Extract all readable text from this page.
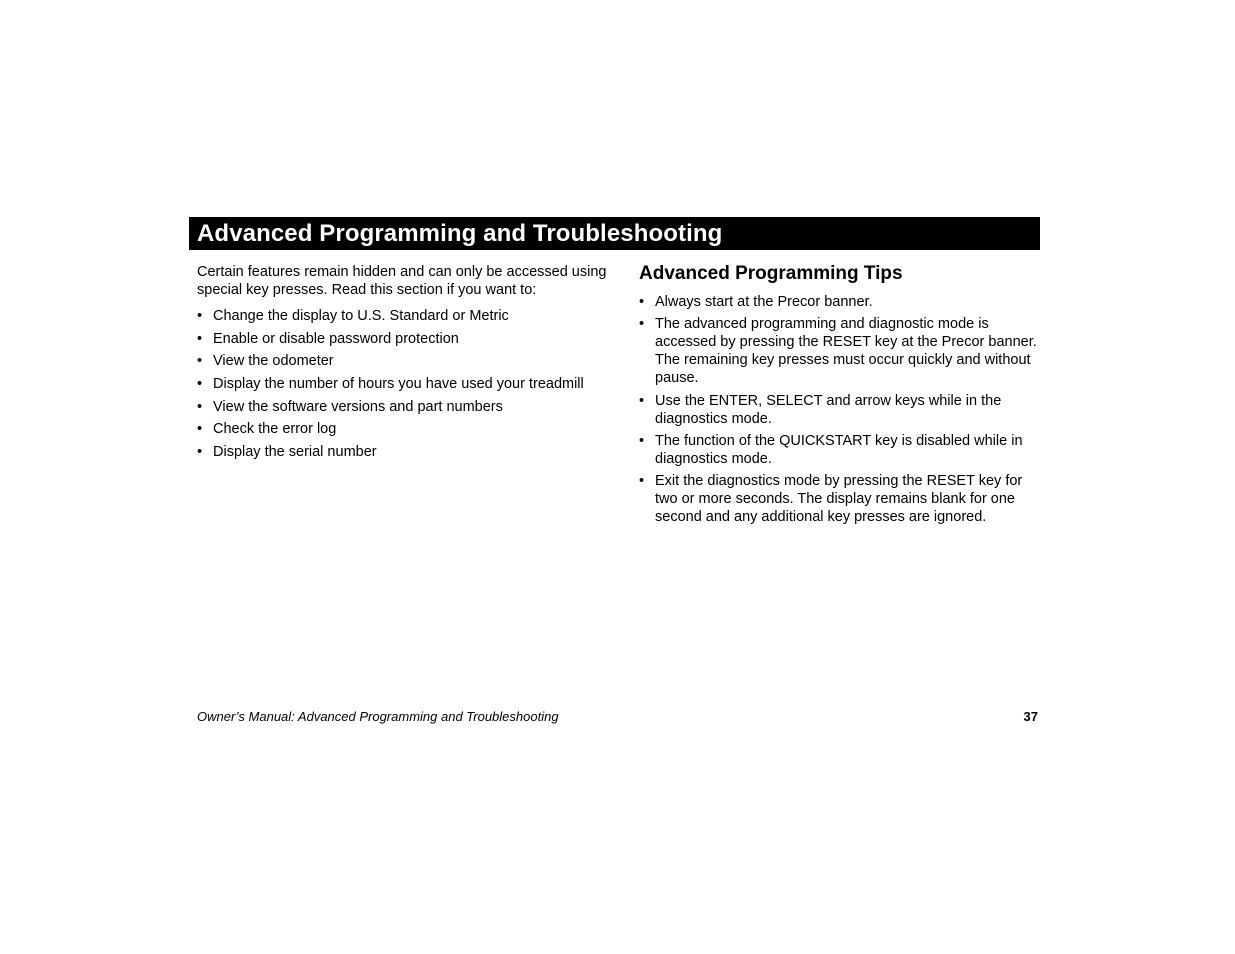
Advanced Programming and Troubleshooting

Certain features remain hidden and can only be accessed using special key presses. Read this section if you want to:

• Change the display to U.S. Standard or Metric
• Enable or disable password protection
• View the odometer
• Display the number of hours you have used your treadmill
• View the software versions and part numbers
• Check the error log
• Display the serial number
Advanced Programming Tips
• Always start at the Precor banner.
• The advanced programming and diagnostic mode is accessed by pressing the RESET key at the Precor banner. The remaining key presses must occur quickly and without pause.
• Use the ENTER, SELECT and arrow keys while in the diagnostics mode.
• The function of the QUICKSTART key is disabled while in diagnostics mode.
• Exit the diagnostics mode by pressing the RESET key for two or more seconds. The display remains blank for one second and any additional key presses are ignored.
Owner’s Manual: Advanced Programming and Troubleshooting	37
